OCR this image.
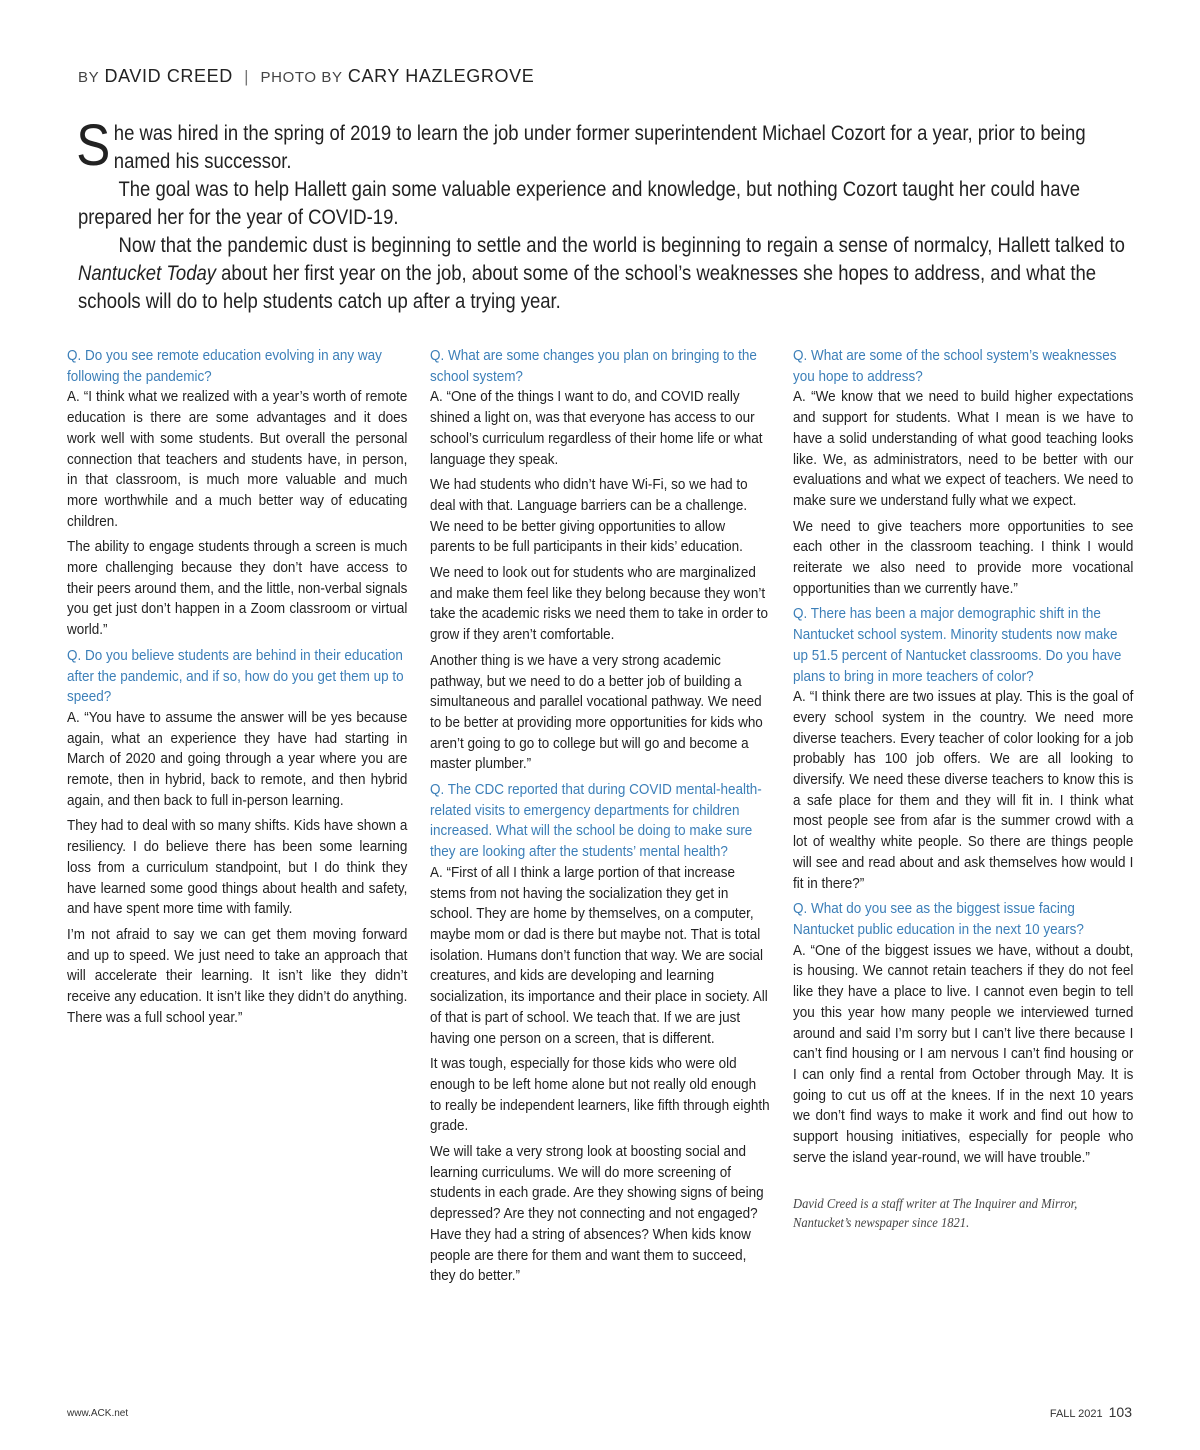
BY DAVID CREED | PHOTO BY CARY HAZLEGROVE

She was hired in the spring of 2019 to learn the job under former superintendent Michael Cozort for a year, prior to being named his successor.

The goal was to help Hallett gain some valuable experience and knowledge, but nothing Cozort taught her could have prepared her for the year of COVID-19.

Now that the pandemic dust is beginning to settle and the world is beginning to regain a sense of normalcy, Hallett talked to Nantucket Today about her first year on the job, about some of the school’s weaknesses she hopes to address, and what the schools will do to help students catch up after a trying year.

Q. Do you see remote education evolving in any way following the pandemic?

A. “I think what we realized with a year’s worth of remote education is there are some advantages and it does work well with some students. But overall the personal connection that teachers and students have, in person, in that classroom, is much more valuable and much more worthwhile and a much better way of educating children.

The ability to engage students through a screen is much more challenging because they don’t have access to their peers around them, and the little, non-verbal signals you get just don’t happen in a Zoom classroom or virtual world.”

Q. Do you believe students are behind in their education after the pandemic, and if so, how do you get them up to speed?

A. “You have to assume the answer will be yes because again, what an experience they have had starting in March of 2020 and going through a year where you are remote, then in hybrid, back to remote, and then hybrid again, and then back to full in-person learning.

They had to deal with so many shifts. Kids have shown a resiliency. I do believe there has been some learning loss from a curriculum standpoint, but I do think they have learned some good things about health and safety, and have spent more time with family.

I’m not afraid to say we can get them moving forward and up to speed. We just need to take an approach that will accelerate their learning. It isn’t like they didn’t receive any education. It isn’t like they didn’t do anything. There was a full school year.”

Q. What are some changes you plan on bringing to the school system?

A. “One of the things I want to do, and COVID really shined a light on, was that everyone has access to our school’s curriculum regardless of their home life or what language they speak.

We had students who didn’t have Wi-Fi, so we had to deal with that. Language barriers can be a challenge. We need to be better giving opportunities to allow parents to be full participants in their kids’ education.

We need to look out for students who are marginalized and make them feel like they belong because they won’t take the academic risks we need them to take in order to grow if they aren’t comfortable.

Another thing is we have a very strong academic pathway, but we need to do a better job of building a simultaneous and parallel vocational pathway. We need to be better at providing more opportunities for kids who aren’t going to go to college but will go and become a master plumber.”

Q. The CDC reported that during COVID mental-health-related visits to emergency departments for children increased. What will the school be doing to make sure they are looking after the students’ mental health?

A. “First of all I think a large portion of that increase stems from not having the socialization they get in school. They are home by themselves, on a computer, maybe mom or dad is there but maybe not. That is total isolation. Humans don’t function that way. We are social creatures, and kids are developing and learning socialization, its importance and their place in society. All of that is part of school. We teach that. If we are just having one person on a screen, that is different.

It was tough, especially for those kids who were old enough to be left home alone but not really old enough to really be independent learners, like fifth through eighth grade.

We will take a very strong look at boosting social and learning curriculums. We will do more screening of students in each grade. Are they showing signs of being depressed? Are they not connecting and not engaged? Have they had a string of absences? When kids know people are there for them and want them to succeed, they do better.”

Q. What are some of the school system’s weaknesses you hope to address?

A. “We know that we need to build higher expectations and support for students. What I mean is we have to have a solid understanding of what good teaching looks like. We, as administrators, need to be better with our evaluations and what we expect of teachers. We need to make sure we understand fully what we expect.

We need to give teachers more opportunities to see each other in the classroom teaching. I think I would reiterate we also need to provide more vocational opportunities than we currently have.”

Q. There has been a major demographic shift in the Nantucket school system. Minority students now make up 51.5 percent of Nantucket classrooms. Do you have plans to bring in more teachers of color?

A. “I think there are two issues at play. This is the goal of every school system in the country. We need more diverse teachers. Every teacher of color looking for a job probably has 100 job offers. We are all looking to diversify. We need these diverse teachers to know this is a safe place for them and they will fit in. I think what most people see from afar is the summer crowd with a lot of wealthy white people. So there are things people will see and read about and ask themselves how would I fit in there?”

Q. What do you see as the biggest issue facing Nantucket public education in the next 10 years?

A. “One of the biggest issues we have, without a doubt, is housing. We cannot retain teachers if they do not feel like they have a place to live. I cannot even begin to tell you this year how many people we interviewed turned around and said I’m sorry but I can’t live there because I can’t find housing or I am nervous I can’t find housing or I can only find a rental from October through May. It is going to cut us off at the knees. If in the next 10 years we don’t find ways to make it work and find out how to support housing initiatives, especially for people who serve the island year-round, we will have trouble.”

David Creed is a staff writer at The Inquirer and Mirror, Nantucket’s newspaper since 1821.

www.ACK.net	FALL 2021 103
